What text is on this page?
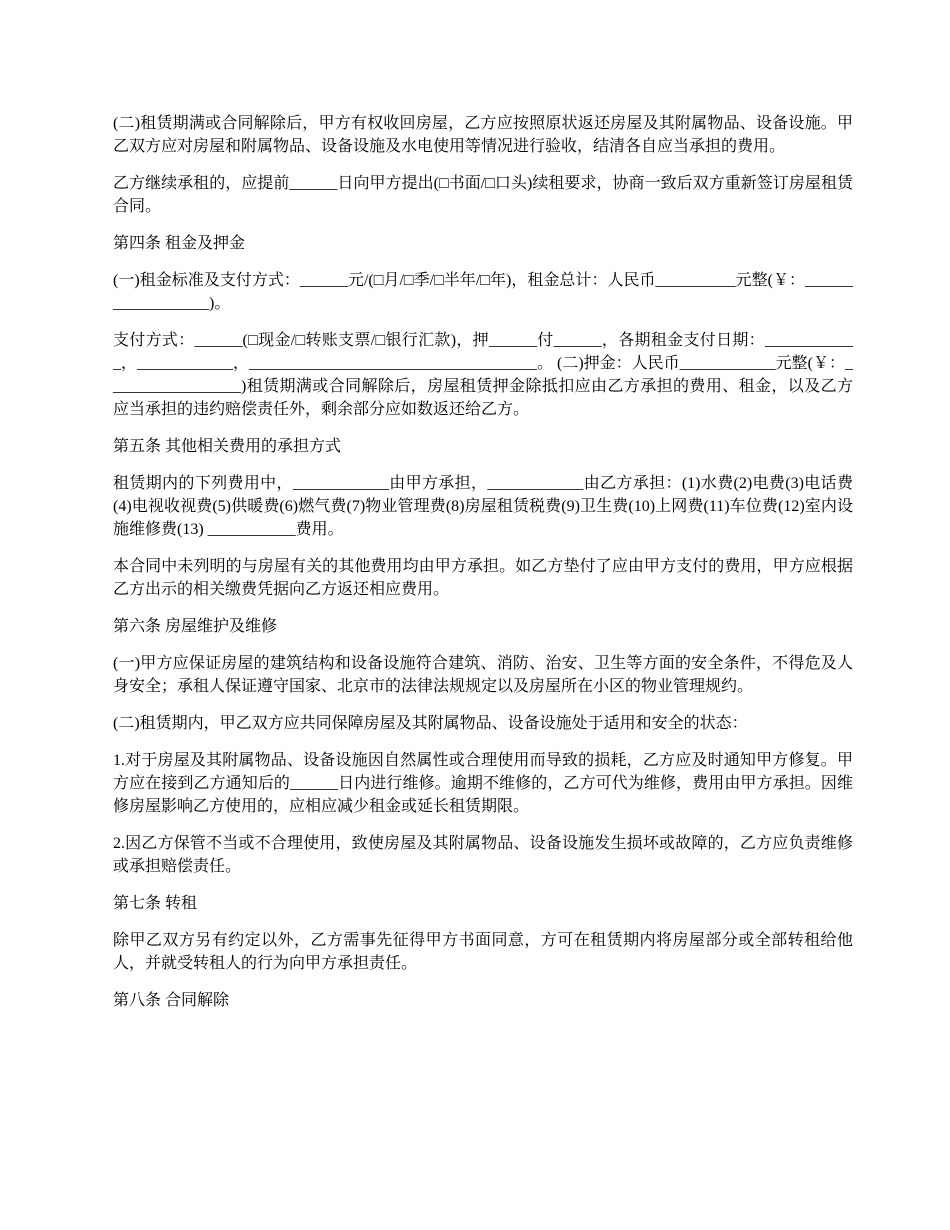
(二)租赁期满或合同解除后，甲方有权收回房屋，乙方应按照原状返还房屋及其附属物品、设备设施。甲乙双方应对房屋和附属物品、设备设施及水电使用等情况进行验收，结清各自应当承担的费用。

乙方继续承租的，应提前______日向甲方提出(□书面/□口头)续租要求，协商一致后双方重新签订房屋租赁合同。

第四条 租金及押金

(一)租金标准及支付方式：______元/(□月/□季/□半年/□年)，租金总计：人民币__________元整(￥：__________________)。

支付方式：______(□现金/□转账支票/□银行汇款)，押______付______，各期租金支付日期：____________，____________，____________________________________。 (二)押金：人民币____________元整(￥：_________________)租赁期满或合同解除后，房屋租赁押金除抵扣应由乙方承担的费用、租金，以及乙方应当承担的违约赔偿责任外，剩余部分应如数返还给乙方。

第五条 其他相关费用的承担方式

租赁期内的下列费用中，____________由甲方承担，____________由乙方承担：(1)水费(2)电费(3)电话费(4)电视收视费(5)供暖费(6)燃气费(7)物业管理费(8)房屋租赁税费(9)卫生费(10)上网费(11)车位费(12)室内设施维修费(13) ___________费用。

本合同中未列明的与房屋有关的其他费用均由甲方承担。如乙方垫付了应由甲方支付的费用，甲方应根据乙方出示的相关缴费凭据向乙方返还相应费用。

第六条 房屋维护及维修

(一)甲方应保证房屋的建筑结构和设备设施符合建筑、消防、治安、卫生等方面的安全条件，不得危及人身安全；承租人保证遵守国家、北京市的法律法规规定以及房屋所在小区的物业管理规约。

(二)租赁期内，甲乙双方应共同保障房屋及其附属物品、设备设施处于适用和安全的状态：

1.对于房屋及其附属物品、设备设施因自然属性或合理使用而导致的损耗，乙方应及时通知甲方修复。甲方应在接到乙方通知后的______日内进行维修。逾期不维修的，乙方可代为维修，费用由甲方承担。因维修房屋影响乙方使用的，应相应减少租金或延长租赁期限。

2.因乙方保管不当或不合理使用，致使房屋及其附属物品、设备设施发生损坏或故障的，乙方应负责维修或承担赔偿责任。

第七条 转租

除甲乙双方另有约定以外，乙方需事先征得甲方书面同意，方可在租赁期内将房屋部分或全部转租给他人，并就受转租人的行为向甲方承担责任。

第八条 合同解除
